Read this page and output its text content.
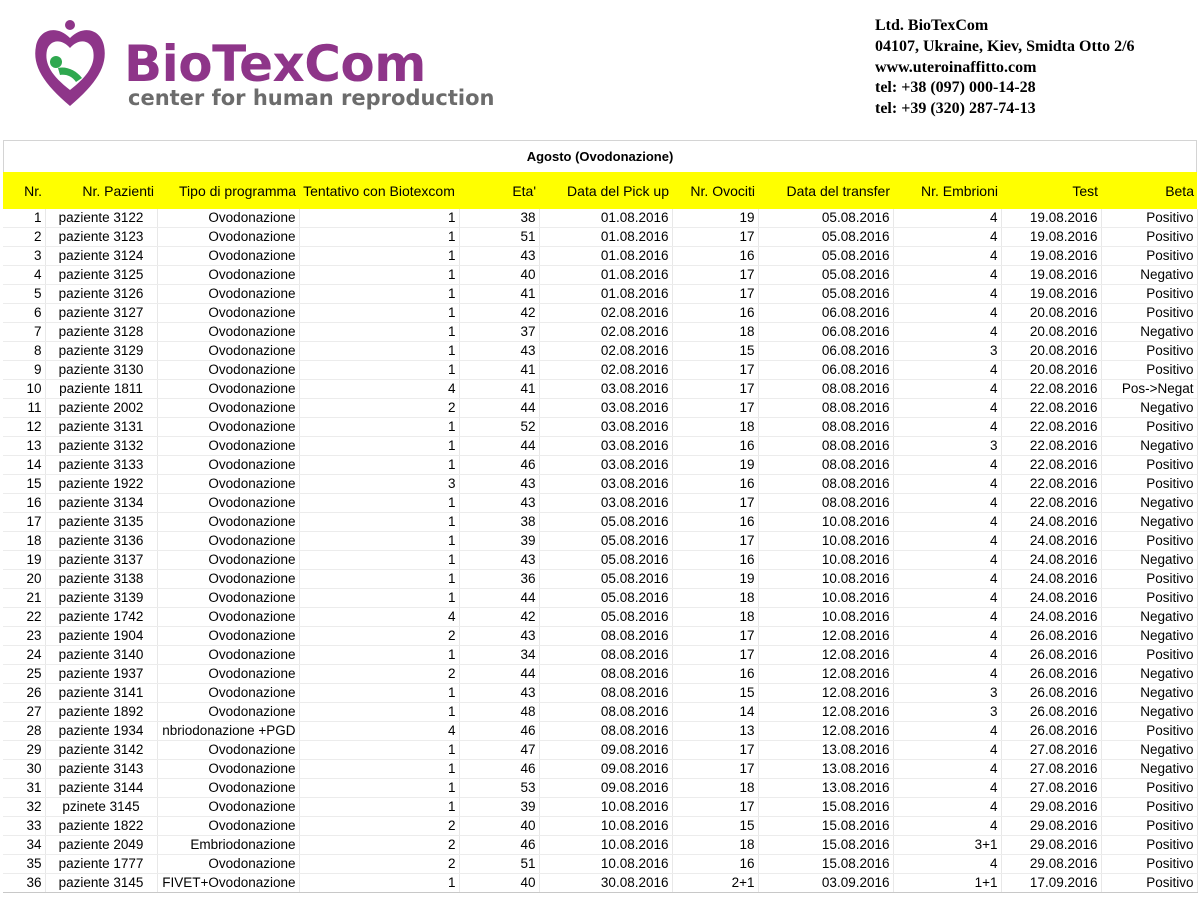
BioTexCom
center for human reproduction
Ltd. BioTexCom
04107, Ukraine, Kiev, Smidta Otto 2/6
www.uteroinaffitto.com
tel: +38 (097) 000-14-28
tel: +39 (320) 287-74-13
Agosto (Ovodonazione)
Nr.	Nr. Pazienti	Tipo di programma	Tentativo con Biotexcom	Eta'	Data del Pick up	Nr. Ovociti	Data del transfer	Nr. Embrioni	Test	Beta
1	paziente 3122	Ovodonazione	1	38	01.08.2016	19	05.08.2016	4	19.08.2016	Positivo
2	paziente 3123	Ovodonazione	1	51	01.08.2016	17	05.08.2016	4	19.08.2016	Positivo
3	paziente 3124	Ovodonazione	1	43	01.08.2016	16	05.08.2016	4	19.08.2016	Positivo
4	paziente 3125	Ovodonazione	1	40	01.08.2016	17	05.08.2016	4	19.08.2016	Negativo
5	paziente 3126	Ovodonazione	1	41	01.08.2016	17	05.08.2016	4	19.08.2016	Positivo
6	paziente 3127	Ovodonazione	1	42	02.08.2016	16	06.08.2016	4	20.08.2016	Positivo
7	paziente 3128	Ovodonazione	1	37	02.08.2016	18	06.08.2016	4	20.08.2016	Negativo
8	paziente 3129	Ovodonazione	1	43	02.08.2016	15	06.08.2016	3	20.08.2016	Positivo
9	paziente 3130	Ovodonazione	1	41	02.08.2016	17	06.08.2016	4	20.08.2016	Positivo
10	paziente 1811	Ovodonazione	4	41	03.08.2016	17	08.08.2016	4	22.08.2016	Pos->Negat
11	paziente 2002	Ovodonazione	2	44	03.08.2016	17	08.08.2016	4	22.08.2016	Negativo
12	paziente 3131	Ovodonazione	1	52	03.08.2016	18	08.08.2016	4	22.08.2016	Positivo
13	paziente 3132	Ovodonazione	1	44	03.08.2016	16	08.08.2016	3	22.08.2016	Negativo
14	paziente 3133	Ovodonazione	1	46	03.08.2016	19	08.08.2016	4	22.08.2016	Positivo
15	paziente 1922	Ovodonazione	3	43	03.08.2016	16	08.08.2016	4	22.08.2016	Positivo
16	paziente 3134	Ovodonazione	1	43	03.08.2016	17	08.08.2016	4	22.08.2016	Negativo
17	paziente 3135	Ovodonazione	1	38	05.08.2016	16	10.08.2016	4	24.08.2016	Negativo
18	paziente 3136	Ovodonazione	1	39	05.08.2016	17	10.08.2016	4	24.08.2016	Positivo
19	paziente 3137	Ovodonazione	1	43	05.08.2016	16	10.08.2016	4	24.08.2016	Negativo
20	paziente 3138	Ovodonazione	1	36	05.08.2016	19	10.08.2016	4	24.08.2016	Positivo
21	paziente 3139	Ovodonazione	1	44	05.08.2016	18	10.08.2016	4	24.08.2016	Positivo
22	paziente 1742	Ovodonazione	4	42	05.08.2016	18	10.08.2016	4	24.08.2016	Negativo
23	paziente 1904	Ovodonazione	2	43	08.08.2016	17	12.08.2016	4	26.08.2016	Negativo
24	paziente 3140	Ovodonazione	1	34	08.08.2016	17	12.08.2016	4	26.08.2016	Positivo
25	paziente 1937	Ovodonazione	2	44	08.08.2016	16	12.08.2016	4	26.08.2016	Negativo
26	paziente 3141	Ovodonazione	1	43	08.08.2016	15	12.08.2016	3	26.08.2016	Negativo
27	paziente 1892	Ovodonazione	1	48	08.08.2016	14	12.08.2016	3	26.08.2016	Negativo
28	paziente 1934	nbriodonazione +PGD	4	46	08.08.2016	13	12.08.2016	4	26.08.2016	Positivo
29	paziente 3142	Ovodonazione	1	47	09.08.2016	17	13.08.2016	4	27.08.2016	Negativo
30	paziente 3143	Ovodonazione	1	46	09.08.2016	17	13.08.2016	4	27.08.2016	Negativo
31	paziente 3144	Ovodonazione	1	53	09.08.2016	18	13.08.2016	4	27.08.2016	Positivo
32	pzinete 3145	Ovodonazione	1	39	10.08.2016	17	15.08.2016	4	29.08.2016	Positivo
33	paziente 1822	Ovodonazione	2	40	10.08.2016	15	15.08.2016	4	29.08.2016	Positivo
34	paziente 2049	Embriodonazione	2	46	10.08.2016	18	15.08.2016	3+1	29.08.2016	Positivo
35	paziente 1777	Ovodonazione	2	51	10.08.2016	16	15.08.2016	4	29.08.2016	Positivo
36	paziente 3145	FIVET+Ovodonazione	1	40	30.08.2016	2+1	03.09.2016	1+1	17.09.2016	Positivo
